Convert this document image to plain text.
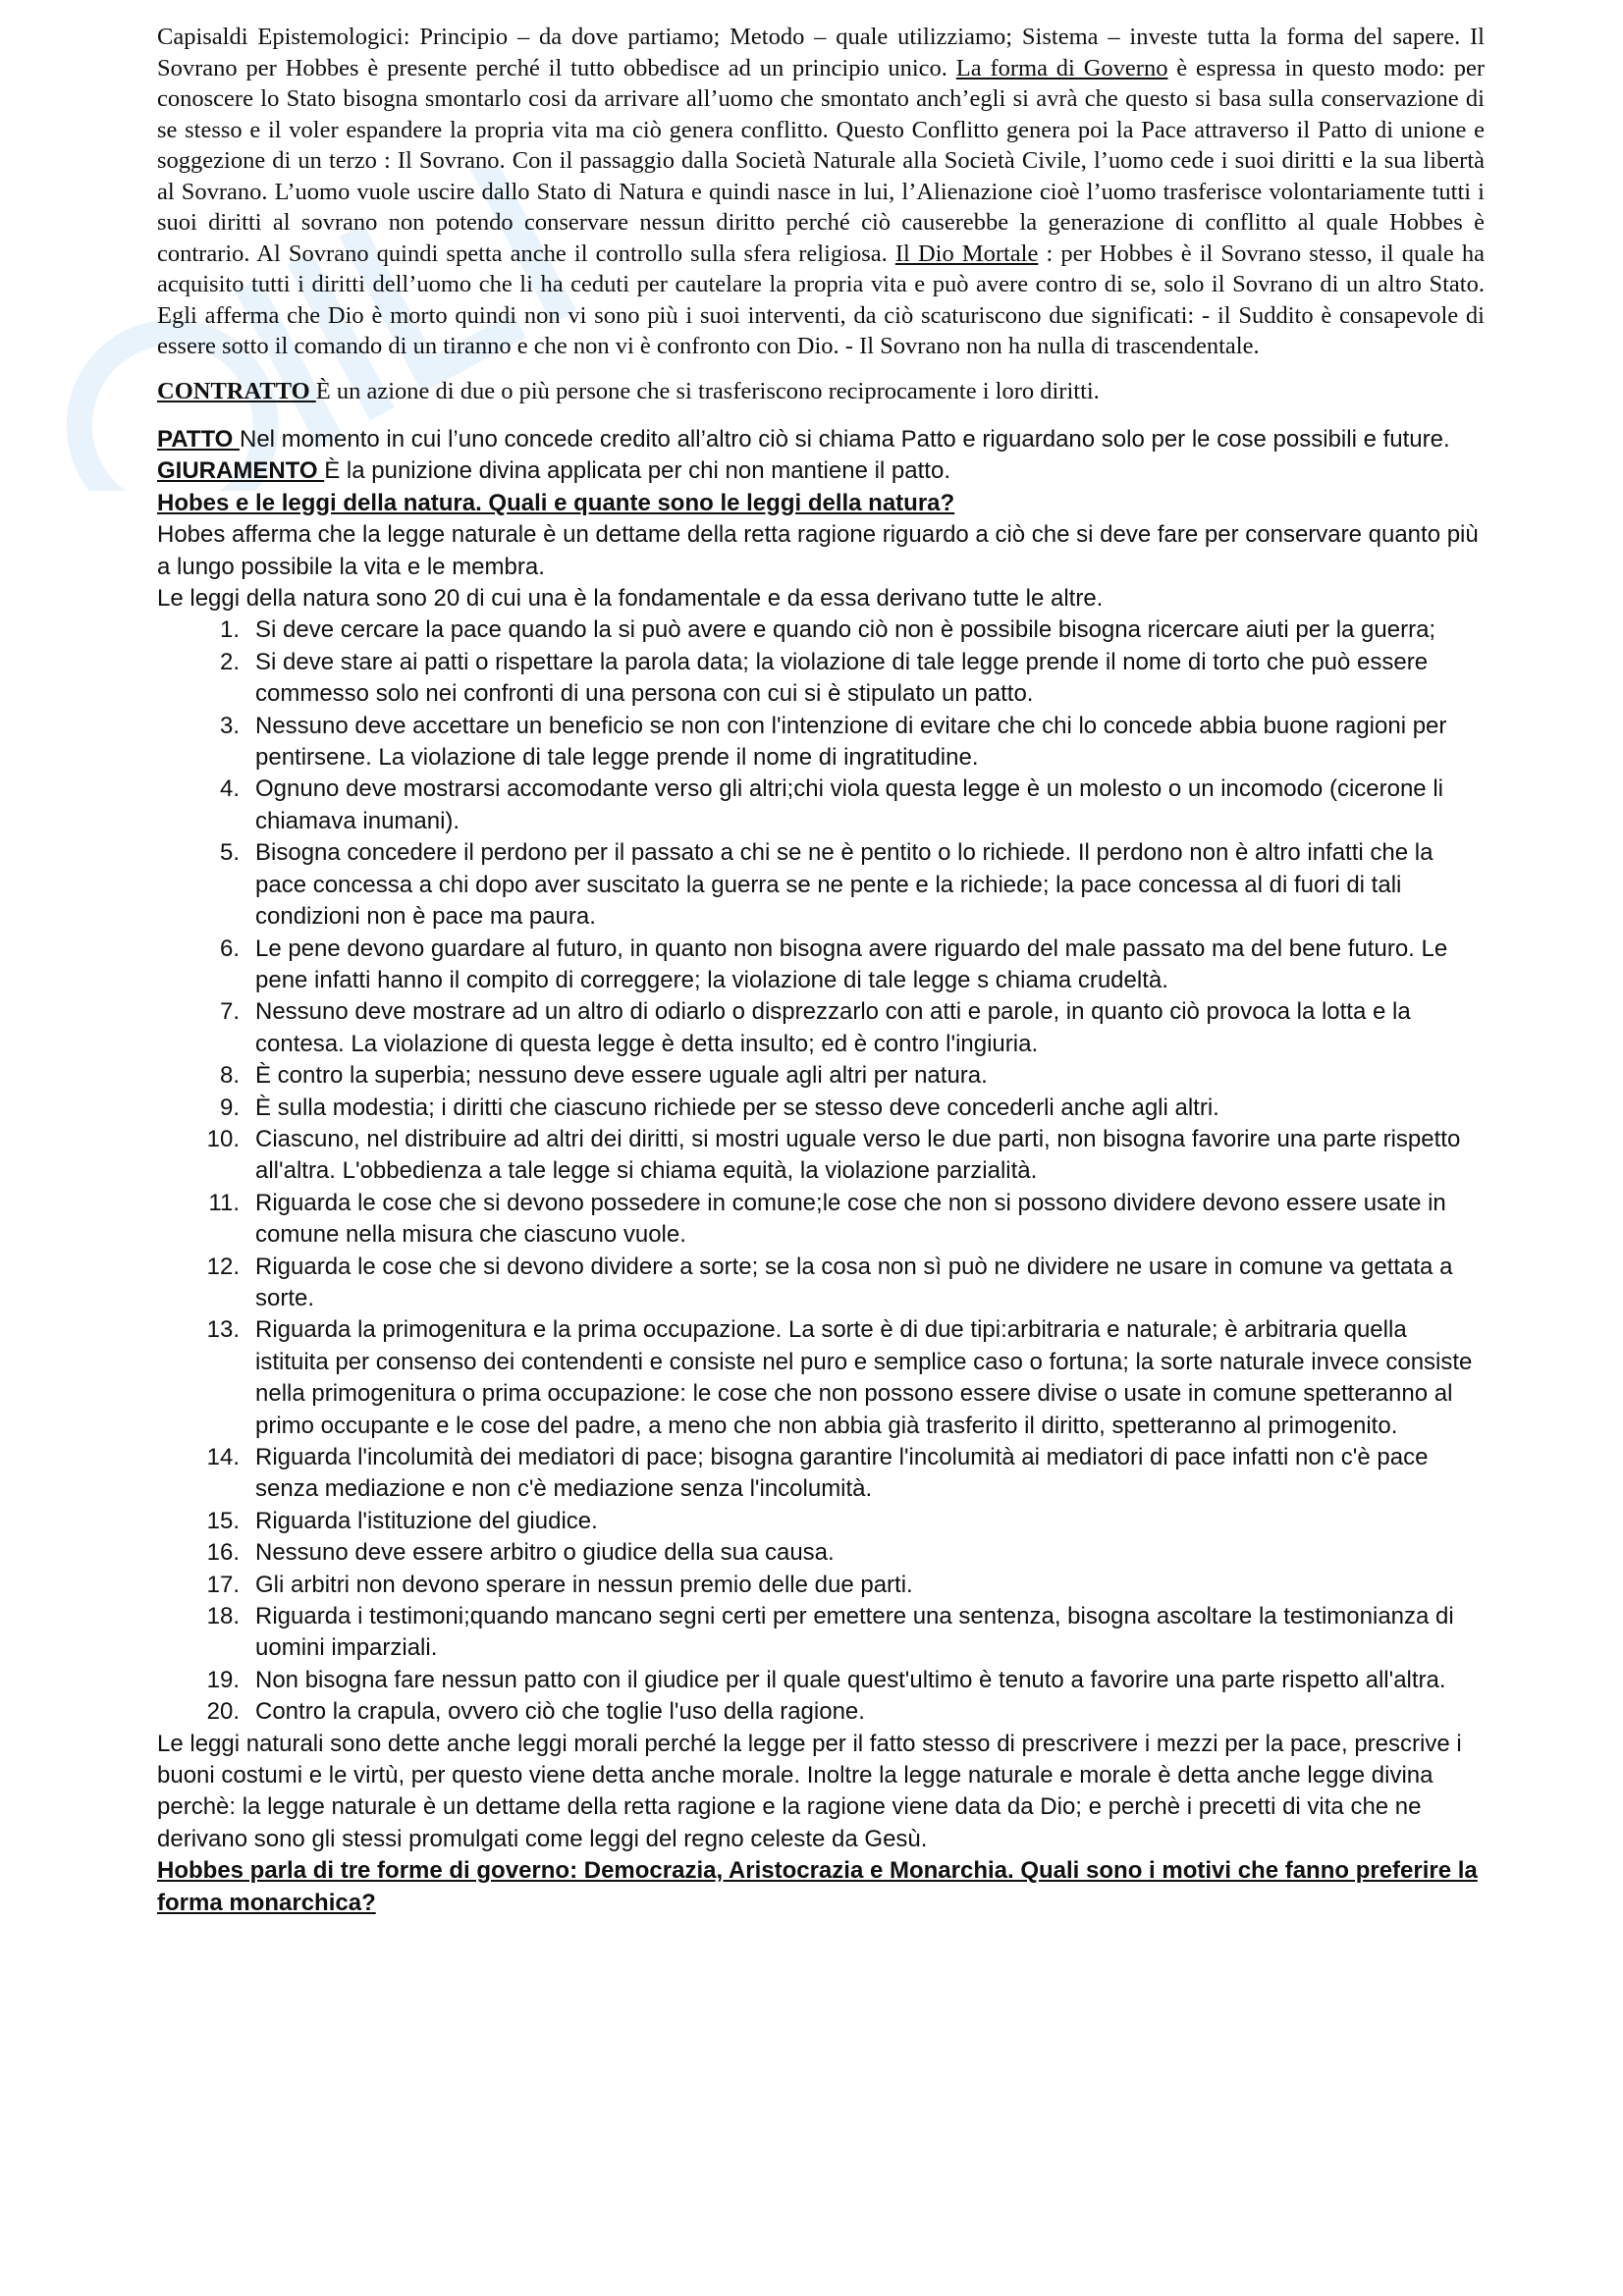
Capisaldi Epistemologici: Principio – da dove partiamo; Metodo – quale utilizziamo; Sistema – investe tutta la forma del sapere. Il Sovrano per Hobbes è presente perché il tutto obbedisce ad un principio unico. La forma di Governo è espressa in questo modo: per conoscere lo Stato bisogna smontarlo cosi da arrivare all’uomo che smontato anch’egli si avrà che questo si basa sulla conservazione di se stesso e il voler espandere la propria vita ma ciò genera conflitto. Questo Conflitto genera poi la Pace attraverso il Patto di unione e soggezione di un terzo : Il Sovrano. Con il passaggio dalla Società Naturale alla Società Civile, l’uomo cede i suoi diritti e la sua libertà al Sovrano. L’uomo vuole uscire dallo Stato di Natura e quindi nasce in lui, l’Alienazione cioè l’uomo trasferisce volontariamente tutti i suoi diritti al sovrano non potendo conservare nessun diritto perché ciò causerebbe la generazione di conflitto al quale Hobbes è contrario. Al Sovrano quindi spetta anche il controllo sulla sfera religiosa. Il Dio Mortale : per Hobbes è il Sovrano stesso, il quale ha acquisito tutti i diritti dell’uomo che li ha ceduti per cautelare la propria vita e può avere contro di se, solo il Sovrano di un altro Stato. Egli afferma che Dio è morto quindi non vi sono più i suoi interventi, da ciò scaturiscono due significati: - il Suddito è consapevole di essere sotto il comando di un tiranno e che non vi è confronto con Dio. - Il Sovrano non ha nulla di trascendentale.

CONTRATTO È un azione di due o più persone che si trasferiscono reciprocamente i loro diritti.

PATTO Nel momento in cui l’uno concede credito all’altro ciò si chiama Patto e riguardano solo per le cose possibili e future.

GIURAMENTO È la punizione divina applicata per chi non mantiene il patto.

Hobes e le leggi della natura. Quali e quante sono le leggi della natura?

Hobes afferma che la legge naturale è un dettame della retta ragione riguardo a ciò che si deve fare per conservare quanto più a lungo possibile la vita e le membra.

Le leggi della natura sono 20 di cui una è la fondamentale e da essa derivano tutte le altre.

1. Si deve cercare la pace quando la si può avere e quando ciò non è possibile bisogna ricercare aiuti per la guerra;
2. Si deve stare ai patti o rispettare la parola data; la violazione di tale legge prende il nome di torto che può essere commesso solo nei confronti di una persona con cui si è stipulato un patto.
3. Nessuno deve accettare un beneficio se non con l'intenzione di evitare che chi lo concede abbia buone ragioni per pentirsene. La violazione di tale legge prende il nome di ingratitudine.
4. Ognuno deve mostrarsi accomodante verso gli altri;chi viola questa legge è un molesto o un incomodo (cicerone li chiamava inumani).
5. Bisogna concedere il perdono per il passato a chi se ne è pentito o lo richiede. Il perdono non è altro infatti che la pace concessa a chi dopo aver suscitato la guerra se ne pente e la richiede; la pace concessa al di fuori di tali condizioni non è pace ma paura.
6. Le pene devono guardare al futuro, in quanto non bisogna avere riguardo del male passato ma del bene futuro. Le pene infatti hanno il compito di correggere; la violazione di tale legge s chiama crudeltà.
7. Nessuno deve mostrare ad un altro di odiarlo o disprezzarlo con atti e parole, in quanto ciò provoca la lotta e la contesa. La violazione di questa legge è detta insulto; ed è contro l'ingiuria.
8. È contro la superbia; nessuno deve essere uguale agli altri per natura.
9. È sulla modestia; i diritti che ciascuno richiede per se stesso deve concederli anche agli altri.
10. Ciascuno, nel distribuire ad altri dei diritti, si mostri uguale verso le due parti, non bisogna favorire una parte rispetto all'altra. L'obbedienza a tale legge si chiama equità, la violazione parzialità.
11. Riguarda le cose che si devono possedere in comune;le cose che non si possono dividere devono essere usate in comune nella misura che ciascuno vuole.
12. Riguarda le cose che si devono dividere a sorte; se la cosa non sì può ne dividere ne usare in comune va gettata a sorte.
13. Riguarda la primogenitura e la prima occupazione. La sorte è di due tipi:arbitraria e naturale; è arbitraria quella istituita per consenso dei contendenti e consiste nel puro e semplice caso o fortuna; la sorte naturale invece consiste nella primogenitura o prima occupazione: le cose che non possono essere divise o usate in comune spetteranno al primo occupante e le cose del padre, a meno che non abbia già trasferito il diritto, spetteranno al primogenito.
14. Riguarda l'incolumità dei mediatori di pace; bisogna garantire l'incolumità ai mediatori di pace infatti non c'è pace senza mediazione e non c'è mediazione senza l'incolumità.
15. Riguarda l'istituzione del giudice.
16. Nessuno deve essere arbitro o giudice della sua causa.
17. Gli arbitri non devono sperare in nessun premio delle due parti.
18. Riguarda i testimoni;quando mancano segni certi per emettere una sentenza, bisogna ascoltare la testimonianza di uomini imparziali.
19. Non bisogna fare nessun patto con il giudice per il quale quest'ultimo è tenuto a favorire una parte rispetto all'altra.
20. Contro la crapula, ovvero ciò che toglie l'uso della ragione.

Le leggi naturali sono dette anche leggi morali perché la legge per il fatto stesso di prescrivere i mezzi per la pace, prescrive i buoni costumi e le virtù, per questo viene detta anche morale. Inoltre la legge naturale e morale è detta anche legge divina perchè: la legge naturale è un dettame della retta ragione e la ragione viene data da Dio; e perchè i precetti di vita che ne derivano sono gli stessi promulgati come leggi del regno celeste da Gesù.

Hobbes parla di tre forme di governo: Democrazia, Aristocrazia e Monarchia. Quali sono i motivi che fanno preferire la forma monarchica?
